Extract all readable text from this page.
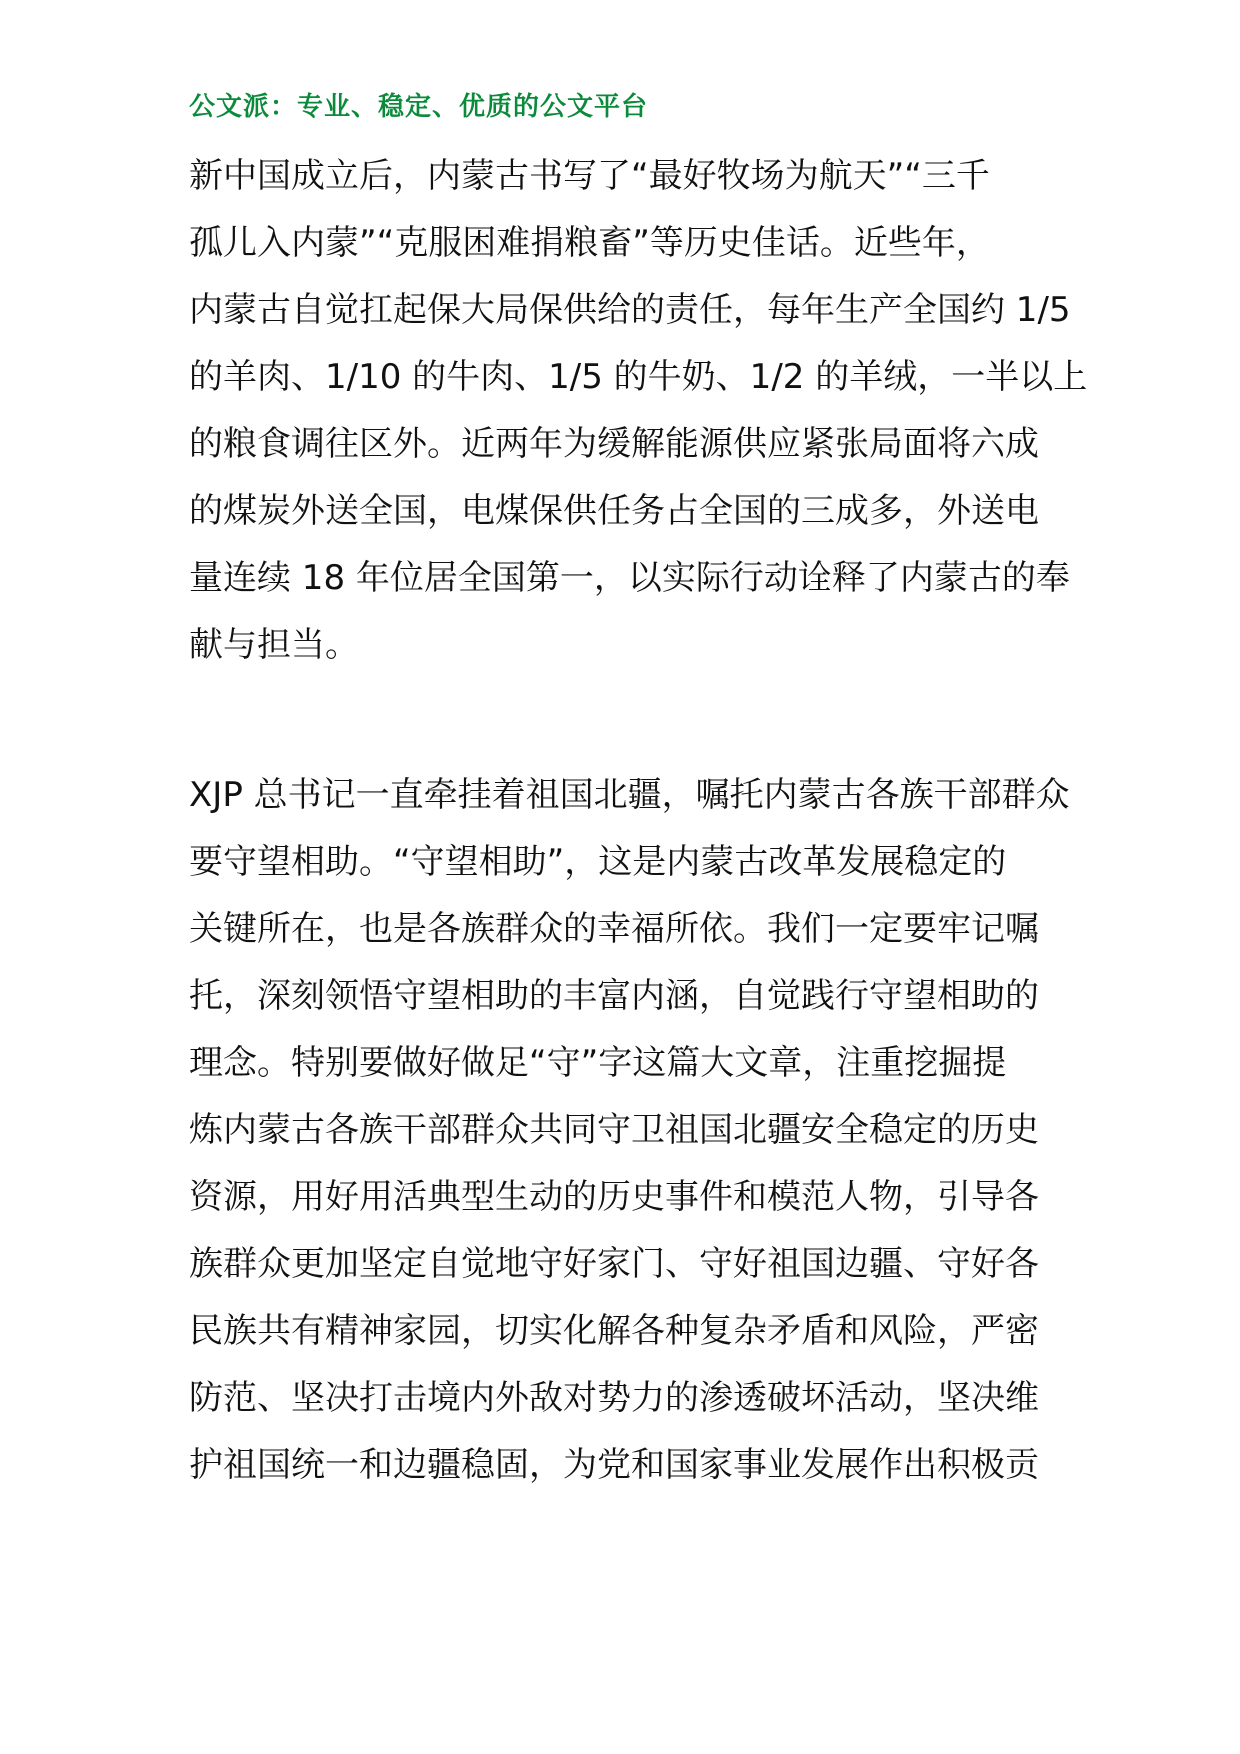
公文派：专业、稳定、优质的公文平台
新中国成立后，内蒙古书写了“最好牧场为航天”“三千
孤儿入内蒙”“克服困难捐粮畜”等历史佳话。近些年，
内蒙古自觉扛起保大局保供给的责任，每年生产全国约 1/5
的羊肉、1/10 的牛肉、1/5 的牛奶、1/2 的羊绒，一半以上
的粮食调往区外。近两年为缓解能源供应紧张局面将六成
的煤炭外送全国，电煤保供任务占全国的三成多，外送电
量连续 18 年位居全国第一，以实际行动诠释了内蒙古的奉
献与担当。
XJP 总书记一直牵挂着祖国北疆，嘱托内蒙古各族干部群众
要守望相助。“守望相助”，这是内蒙古改革发展稳定的
关键所在，也是各族群众的幸福所依。我们一定要牢记嘱
托，深刻领悟守望相助的丰富内涵，自觉践行守望相助的
理念。特别要做好做足“守”字这篇大文章，注重挖掘提
炼内蒙古各族干部群众共同守卫祖国北疆安全稳定的历史
资源，用好用活典型生动的历史事件和模范人物，引导各
族群众更加坚定自觉地守好家门、守好祖国边疆、守好各
民族共有精神家园，切实化解各种复杂矛盾和风险，严密
防范、坚决打击境内外敌对势力的渗透破坏活动，坚决维
护祖国统一和边疆稳固，为党和国家事业发展作出积极贡
